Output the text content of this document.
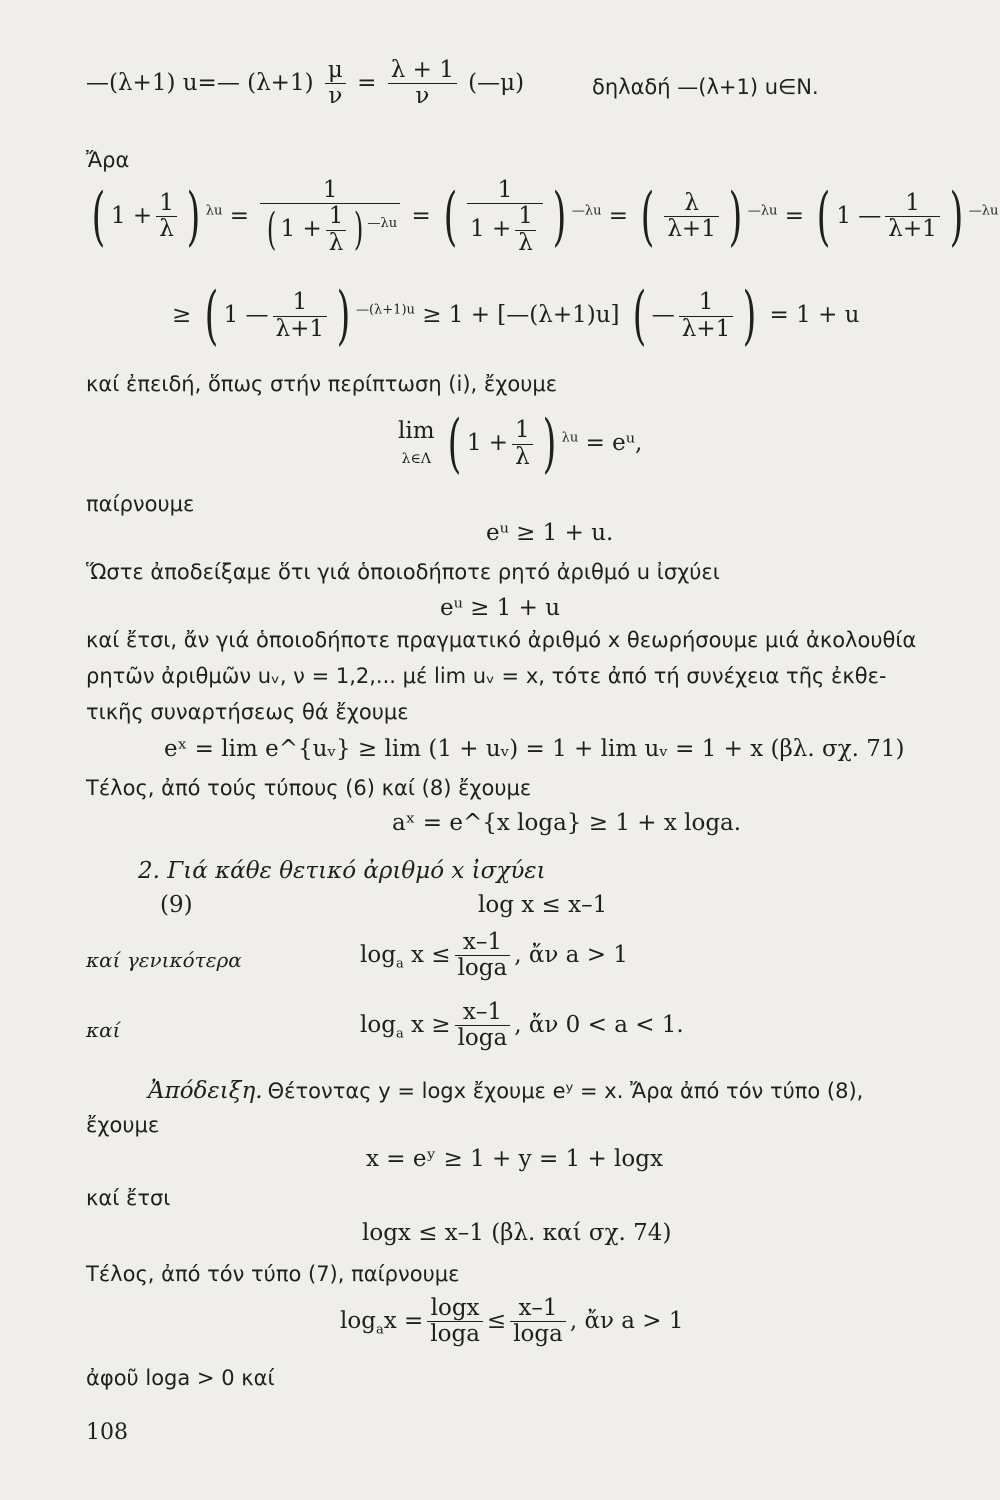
—(λ+1) u=— $(\lambda+1) \frac{\mu}{\nu} = \frac{\lambda + 1}{\nu}$ (—μ)	δηλαδή —(λ+1) u∈N.
Ἄρα
( $1 + \frac{1}{\lambda}$ ) $^{\lambda u} = \frac{1}{( 1 + \frac{1}{\lambda} ) ^{—\lambda u}}$ = ( $\frac{1}{1 + \frac{1}{\lambda}}$ ) $^{—\lambda u}$ = ( $\frac{\lambda}{\lambda+1}$ ) $^{—\lambda u}$ = ( 1 — $\frac{1}{\lambda+1}$ ) $^{—\lambda u}$
≥ ( 1 — $\frac{1}{\lambda+1}$ ) $^{—(\lambda+1)u}$ ≥ 1 + [—(λ+1)u] ( — $\frac{1}{\lambda+1}$ ) = 1 + u
καί ἐπειδή, ὅπως στήν περίπτωση (i), ἔχουμε
lim
λ∈Λ ( $1 + \frac{1}{\lambda}$ ) $^{\lambda u}$ = eᵘ,
παίρνουμε
eᵘ ≥ 1 + u.
Ὥστε ἀποδείξαμε ὅτι γιά ὁποιοδήποτε ρητό ἀριθμό u ἰσχύει
eᵘ ≥ 1 + u
καί ἔτσι, ἄν γιά ὁποιοδήποτε πραγματικό ἀριθμό x θεωρήσουμε μιά ἀκολουθία
ρητῶν ἀριθμῶν uᵥ, ν = 1,2,... μέ lim uᵥ = x, τότε ἀπό τή συνέχεια τῆς ἐκθε-
τικῆς συναρτήσεως θά ἔχουμε
eˣ = lim e^{uᵥ} ≥ lim (1 + uᵥ) = 1 + lim uᵥ = 1 + x (βλ. σχ. 71)
Τέλος, ἀπό τούς τύπους (6) καί (8) ἔχουμε
aˣ = e^{x loga} ≥ 1 + x loga.
2. Γιά κάθε θετικό ἀριθμό x ἰσχύει
(9)	log x ≤ x–1
καί γενικότερα	$\log_a x \le \frac{x-1}{\log a}$ , ἄν a > 1
καί	$\log_a x \ge \frac{x-1}{\log a}$ , ἄν 0 < a < 1.
Ἀπόδειξη. Θέτοντας y = logx ἔχουμε eʸ = x. Ἄρα ἀπό τόν τύπο (8),
ἔχουμε
x = eʸ ≥ 1 + y = 1 + logx
καί ἔτσι
logx ≤ x–1 (βλ. καί σχ. 74)
Τέλος, ἀπό τόν τύπο (7), παίρνουμε
$\log_ax = \frac{\log x}{\log a} \le \frac{x-1}{\log a}$ , ἄν a > 1
ἀφοῦ loga > 0 καί
108
